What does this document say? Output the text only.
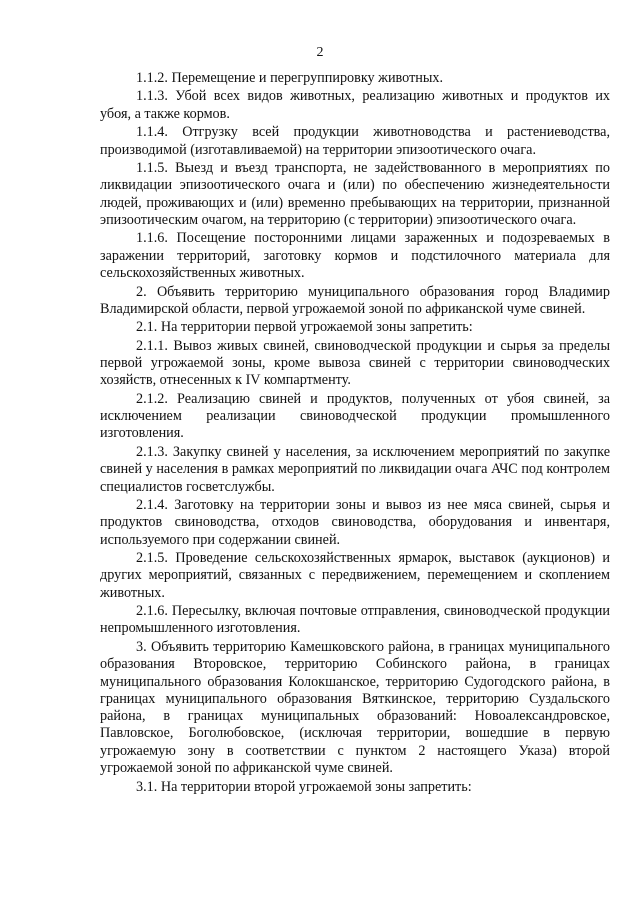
2

1.1.2. Перемещение и перегруппировку животных.

1.1.3. Убой всех видов животных, реализацию животных и продуктов их убоя, а также кормов.

1.1.4. Отгрузку всей продукции животноводства и растениеводства, производимой (изготавливаемой) на территории эпизоотического очага.

1.1.5. Выезд и въезд транспорта, не задействованного в мероприятиях по ликвидации эпизоотического очага и (или) по обеспечению жизнедеятельности людей, проживающих и (или) временно пребывающих на территории, признанной эпизоотическим очагом, на территорию (с территории) эпизоотического очага.

1.1.6. Посещение посторонними лицами зараженных и подозреваемых в заражении территорий, заготовку кормов и подстилочного материала для сельскохозяйственных животных.

2. Объявить территорию муниципального образования город Владимир Владимирской области, первой угрожаемой зоной по африканской чуме свиней.

2.1. На территории первой угрожаемой зоны запретить:

2.1.1. Вывоз живых свиней, свиноводческой продукции и сырья за пределы первой угрожаемой зоны, кроме вывоза свиней с территории свиноводческих хозяйств, отнесенных к IV компартменту.

2.1.2. Реализацию свиней и продуктов, полученных от убоя свиней, за исключением реализации свиноводческой продукции промышленного изготовления.

2.1.3. Закупку свиней у населения, за исключением мероприятий по закупке свиней у населения в рамках мероприятий по ликвидации очага АЧС под контролем специалистов госветслужбы.

2.1.4. Заготовку на территории зоны и вывоз из нее мяса свиней, сырья и продуктов свиноводства, отходов свиноводства, оборудования и инвентаря, используемого при содержании свиней.

2.1.5. Проведение сельскохозяйственных ярмарок, выставок (аукционов) и других мероприятий, связанных с передвижением, перемещением и скоплением животных.

2.1.6. Пересылку, включая почтовые отправления, свиноводческой продукции непромышленного изготовления.

3. Объявить территорию Камешковского района, в границах муниципального образования Второвское, территорию Собинского района, в границах муниципального образования Колокшанское, территорию Судогодского района, в границах муниципального образования Вяткинское, территорию Суздальского района, в границах муниципальных образований: Новоалександровское, Павловское, Боголюбовское, (исключая территории, вошедшие в первую угрожаемую зону в соответствии с пунктом 2 настоящего Указа) второй угрожаемой зоной по африканской чуме свиней.

3.1. На территории второй угрожаемой зоны запретить:
